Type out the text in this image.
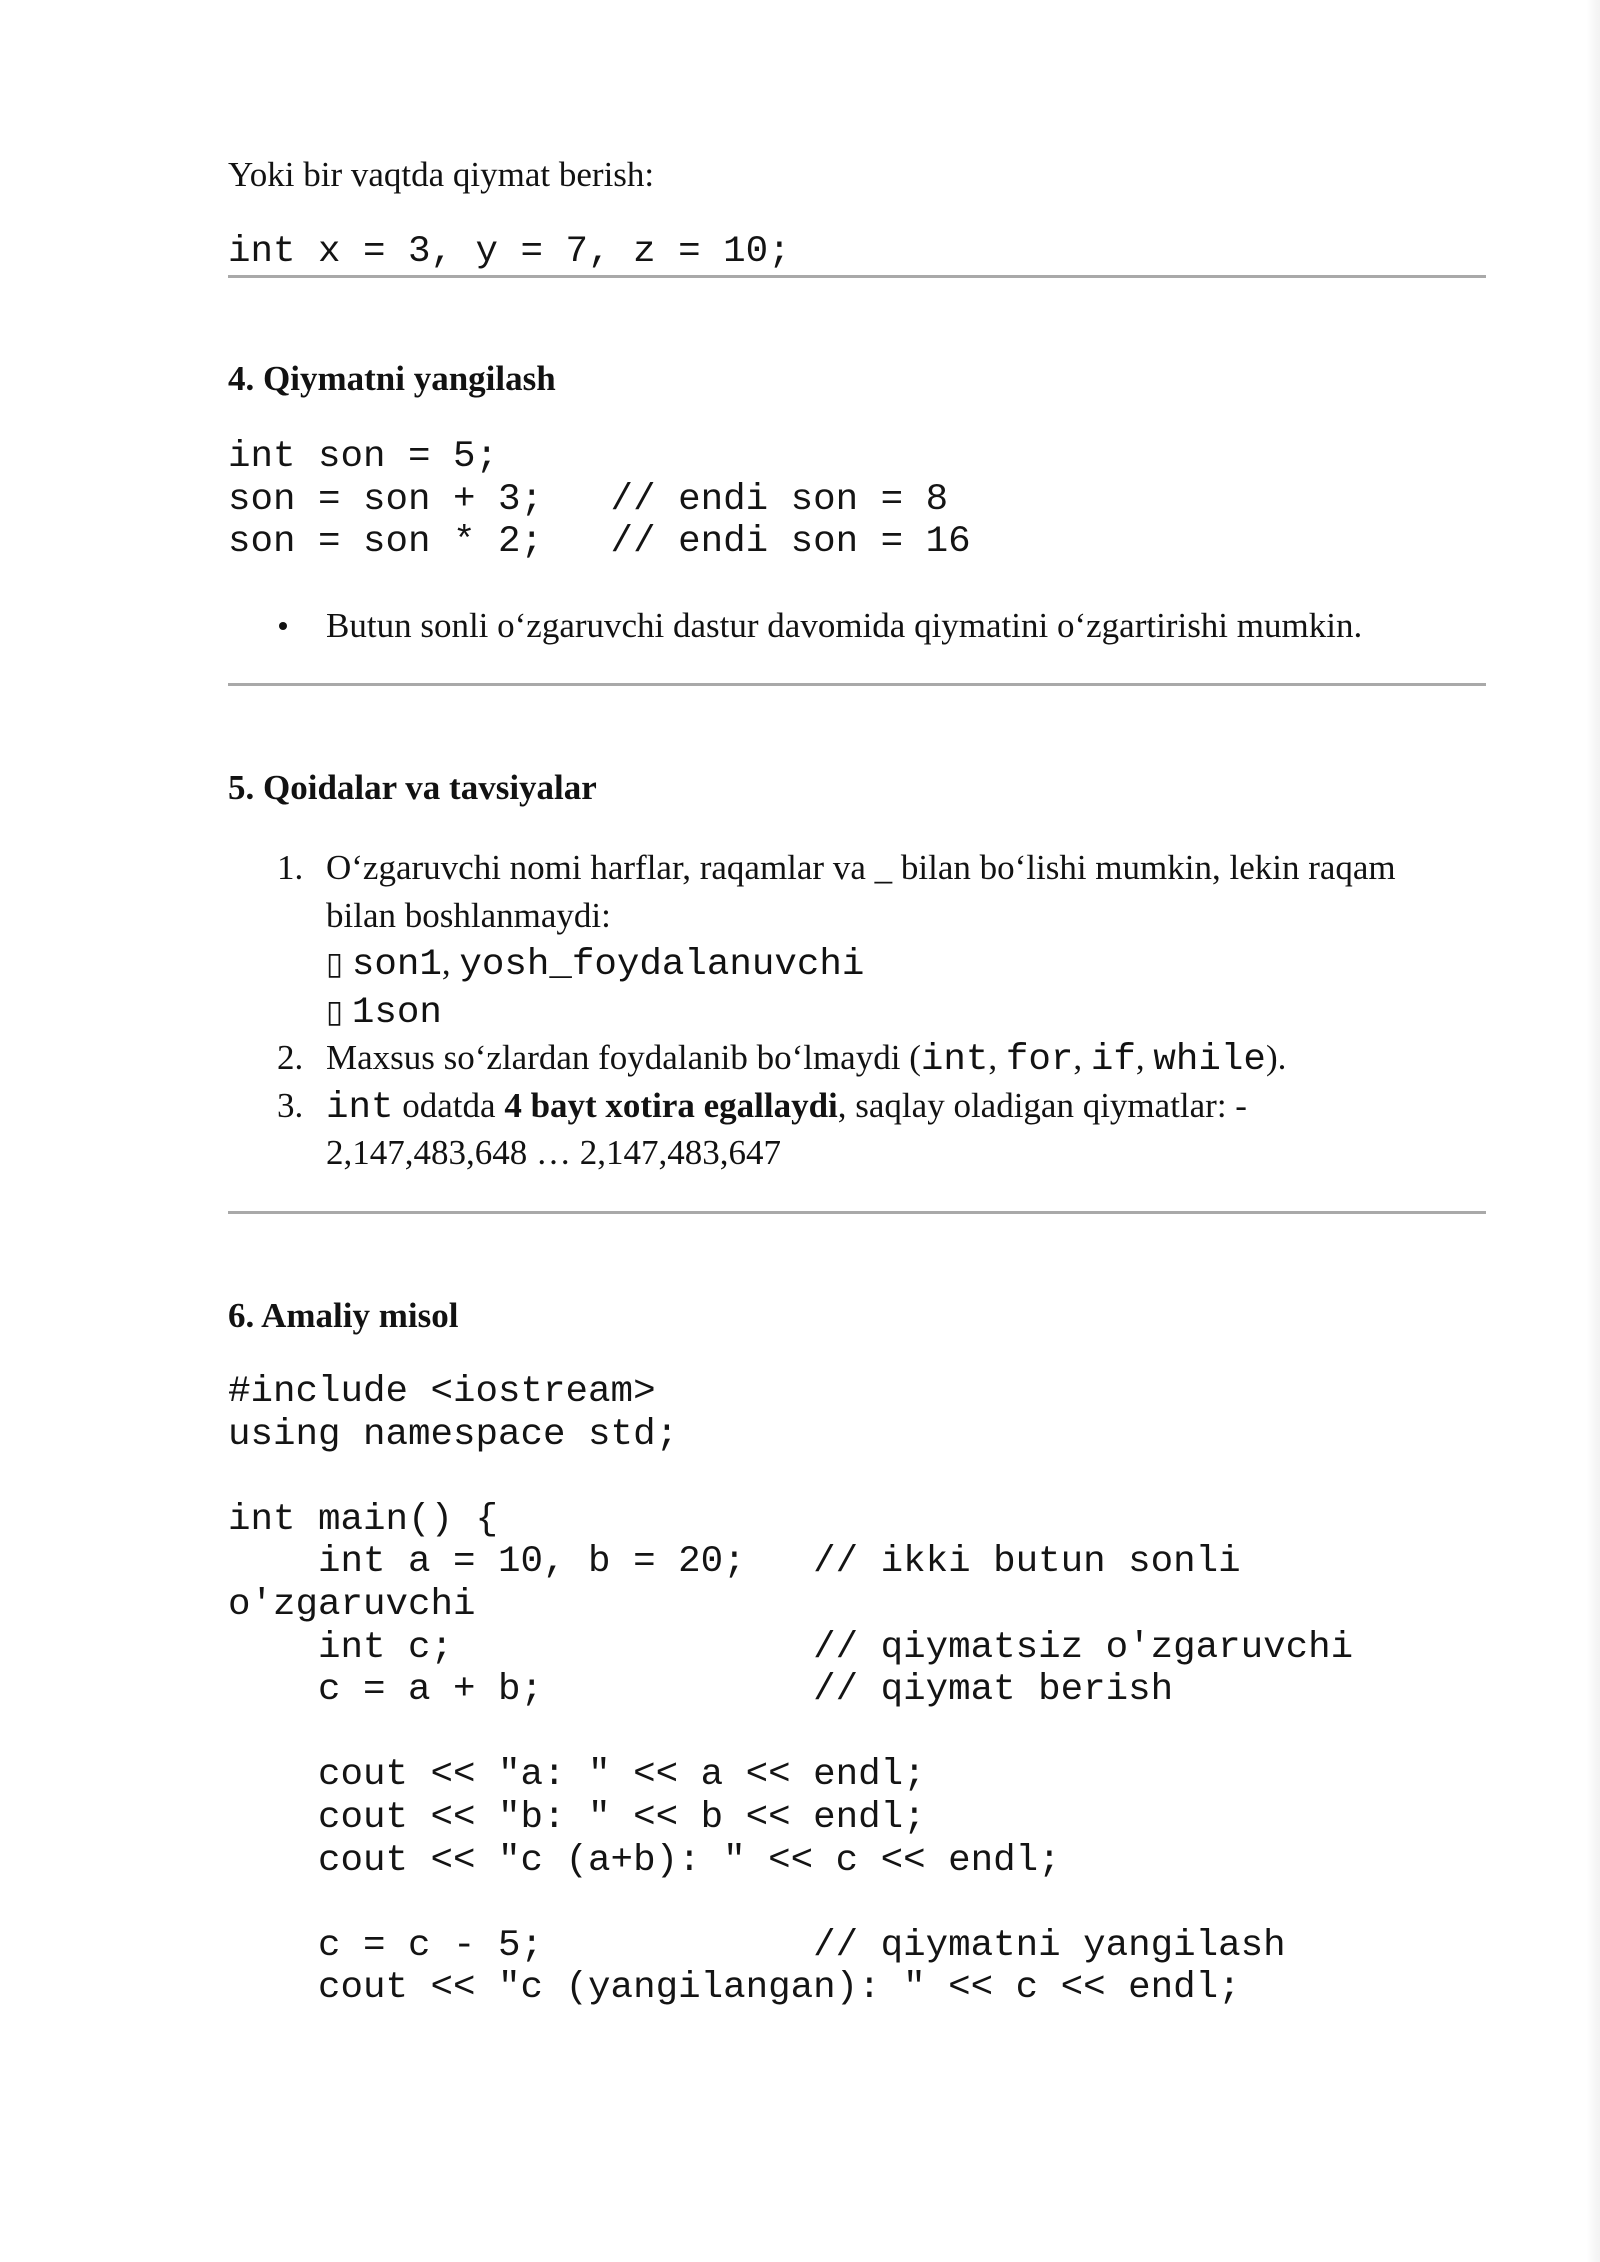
Yoki bir vaqtda qiymat berish:
int x = 3, y = 7, z = 10;
4. Qiymatni yangilash
int son = 5;
son = son + 3;   // endi son = 8
son = son * 2;   // endi son = 16
Butun sonli o‘zgaruvchi dastur davomida qiymatini o‘zgartirishi mumkin.
5. Qoidalar va tavsiyalar
1. O‘zgaruvchi nomi harflar, raqamlar va _ bilan bo‘lishi mumkin, lekin raqam
bilan boshlanmaydi:
▯ son1, yosh_foydalanuvchi
▯ 1son
2. Maxsus so‘zlardan foydalanib bo‘lmaydi (int, for, if, while).
3. int odatda 4 bayt xotira egallaydi, saqlay oladigan qiymatlar: -
2,147,483,648 … 2,147,483,647
6. Amaliy misol
#include <iostream>
using namespace std;
int main() {
int a = 10, b = 20;   // ikki butun sonli
o'zgaruvchi
int c;                // qiymatsiz o'zgaruvchi
c = a + b;            // qiymat berish
cout << "a: " << a << endl;
cout << "b: " << b << endl;
cout << "c (a+b): " << c << endl;
c = c - 5;            // qiymatni yangilash
cout << "c (yangilangan): " << c << endl;
